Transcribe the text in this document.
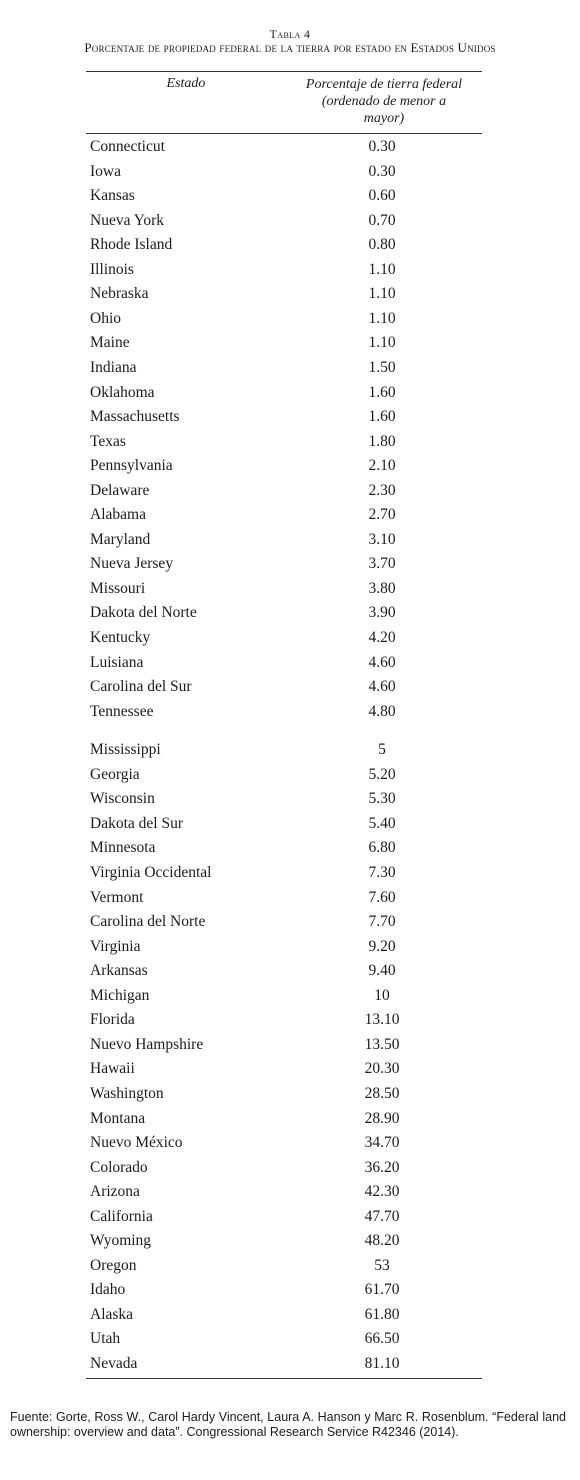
Tabla 4
Porcentaje de propiedad federal de la tierra por estado en Estados Unidos
Estado	Porcentaje de tierra federal
(ordenado de menor a
mayor)
Connecticut	0.30
Iowa	0.30
Kansas	0.60
Nueva York	0.70
Rhode Island	0.80
Illinois	1.10
Nebraska	1.10
Ohio	1.10
Maine	1.10
Indiana	1.50
Oklahoma	1.60
Massachusetts	1.60
Texas	1.80
Pennsylvania	2.10
Delaware	2.30
Alabama	2.70
Maryland	3.10
Nueva Jersey	3.70
Missouri	3.80
Dakota del Norte	3.90
Kentucky	4.20
Luisiana	4.60
Carolina del Sur	4.60
Tennessee	4.80
Mississippi	5
Georgia	5.20
Wisconsin	5.30
Dakota del Sur	5.40
Minnesota	6.80
Virginia Occidental	7.30
Vermont	7.60
Carolina del Norte	7.70
Virginia	9.20
Arkansas	9.40
Michigan	10
Florida	13.10
Nuevo Hampshire	13.50
Hawaii	20.30
Washington	28.50
Montana	28.90
Nuevo México	34.70
Colorado	36.20
Arizona	42.30
California	47.70
Wyoming	48.20
Oregon	53
Idaho	61.70
Alaska	61.80
Utah	66.50
Nevada	81.10
Fuente: Gorte, Ross W., Carol Hardy Vincent, Laura A. Hanson y Marc R. Rosenblum. “Federal land ownership: overview and data”. Congressional Research Service R42346 (2014).
